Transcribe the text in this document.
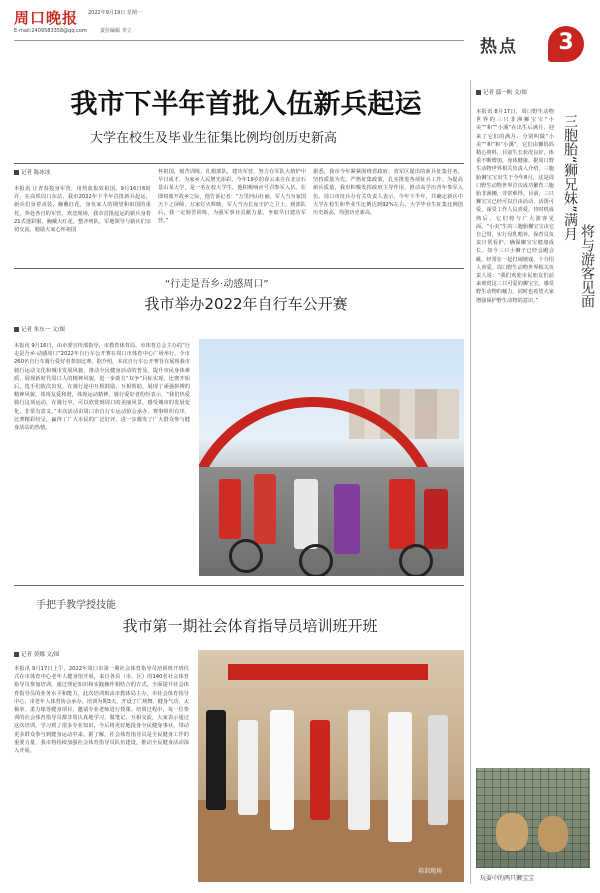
周口晚报 2022年9月19日 星期一
E-mail:2409583358@qq.com	责任编辑 李立
热点	3
我市下半年首批入伍新兵起运
大学在校生及毕业生征集比例均创历史新高
记者 陈冰冰
本报讯 让青春投身军营，用热血报效祖国。9月16日6时许，在高铁周口东站，我市2022年下半年首批新兵起运，新兵们身着戎装、胸戴红花，身负家人的期望和祖国的重托，奔赴各自的军营。欢送现场，我市首批起运的新兵身着21式迷彩服，胸戴大红花，整齐列队，军地领导与新兵们亲切交流，勉励大家心怀祖国
怀祖国，刻苦训练，扎根部队，建功军营，努力在军队大熔炉中早日成才，为家乡人民增光添彩。今年19岁的春云来自在北京石景山某大学，是一名在校大学生，他积极响应号召参军入伍。在即将离开故乡之际，他告诉记者：“万里河山壮丽，军人当为家国天下之屏障，万家灯火辉映，军人当为长夜守护之卫士。到部队后，我一定刻苦训练，为强军事业贡献力量，争取早日建功军营。”
据悉，我市今年紧紧围绕省政府、省军区提出的新兵征集任务，坚持质量为先，严格征集政策，扎实推进各项征兵工作。为提高新兵质量，我市积极发挥政府主导作用，推动高学历青年参军入伍。周口市征兵办有关负责人表示，今年下半年，共确定新兵中大学在校生和毕业生比例达到92%左右，大学毕业生征集比例创历史新高，均创历史新高。
“行走是吾乡·动感周口”
我市举办2022年自行车公开赛
记者 朱东一 文/图
本报讯 9月16日，由市委宣传部指导，市教育体育局、市体育总会主办的“行走是吾乡·动感周口”2022年自行车公开赛在周口市体育中心广场举行，全市260名自行车骑行爱好者参加比赛。据介绍，本次自行车公开赛旨在展现我市骑行运动文化和城市发展风貌，推动全民健身活动的普及，提升市民身体素质，展现新时代周口人的精神风貌，进一步助力“双争”目标实现。比赛开始后，选手们依次出发，在骑行途中互相鼓励、互相帮助，展现了顽强拼搏的精神风貌。体现友爱和谐，体现运动精神。骑行爱好者纷纷表示，“我们热爱骑行这项运动，在骑行中，可以欣赏到周口的美丽风景，感受城市的发展变化，非常有意义。”本次活动由周口市自行车运动协会承办，赛事组织有序，比赛精彩纷呈，赢得了广大市民的广泛好评，进一步激发了广大群众参与健身活动的热情。
手把手教学授技能
我市第一期社会体育指导员培训班开班
记者 黄娜 文/图
本报讯 9月17日上午，2022年周口市第一期社会体育指导员培训班开班仪式在市体育中心老年人健身馆开展，来自各县（市、区）的140名社会体育指导员参加培训，通过理论知识和实践操作相结合的方式，全面提升社会体育指导员的业务水平和能力。此次培训班由市教体局主办，市社会体育指导中心、市老年人体育协会承办。培训为期3天，开设了广场舞、健身气功、太极拳、柔力球等健身项目，邀请专业老师进行授课。培训过程中，每一位参训的社会体育指导员都非常认真地学习，做笔记，互相交流，大家表示通过这次培训，学习到了很多专业知识，今后将更好地投身全民健身事业，带动更多群众参与到健身运动中来。据了解，社会体育指导员是全民健身工作的重要力量，我市将持续加强社会体育指导员队伍建设，推动全民健身活动深入开展。
培训现场
记者 邸一帆 文/图
本报讯 8月17日，周口野生动物世界的三只非洲狮宝宝“小美”“和”“小溪”在出生后满月，迎来了它们的满月，分别叫做“小美”“和”和“小溪”，它们由狮妈妈精心照料，目前生长状况良好，体重不断增加，身体健康。据周口野生动物世界相关负责人介绍，三胞胎狮宝宝出生于今年8月，这是周口野生动物世界首次成功繁育三胞胎非洲狮，非常难得。目前，三只狮宝宝已经可以自由活动，活泼可爱，深受工作人员喜爱。待时机成熟后，它们将与广大游客见面。“小美”生的三胞胎狮宝宝由它自己带，实行母乳喂养，保育员负责日常看护，确保狮宝宝健康成长。如今三只小狮子已经会跑会跳，经常在一起打闹嬉戏，十分招人喜爱。周口野生动物世界相关负责人说：“我们欢迎市民朋友们前来观赏这三只可爱的狮宝宝，感受野生动物的魅力，同时也希望大家增强保护野生动物的意识。”
三胞胎“狮兄妹”满月
将与游客见面
玩耍中的两只狮宝宝
